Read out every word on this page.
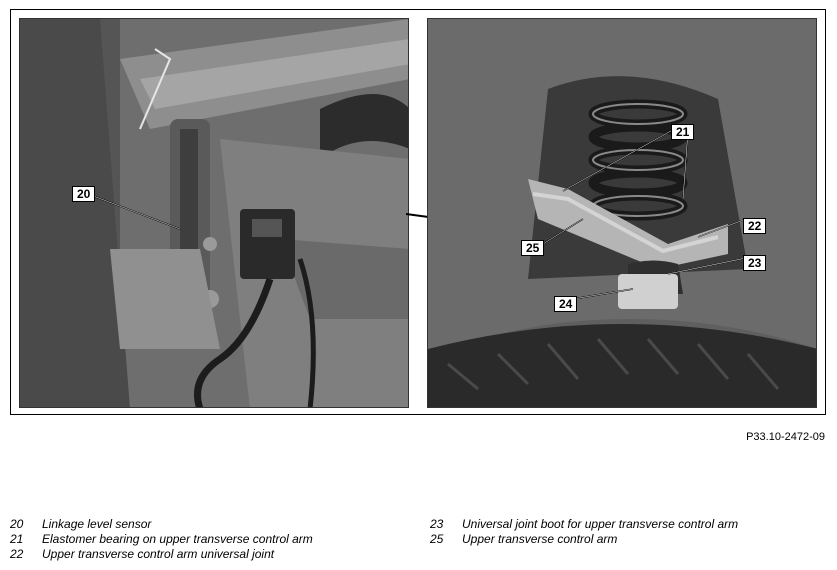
20
21
22
23
24
25
P33.10-2472-09
20	Linkage level sensor
21	Elastomer bearing on upper transverse control arm
22	Upper transverse control arm universal joint
23	Universal joint boot for upper transverse control arm
25	Upper transverse control arm
